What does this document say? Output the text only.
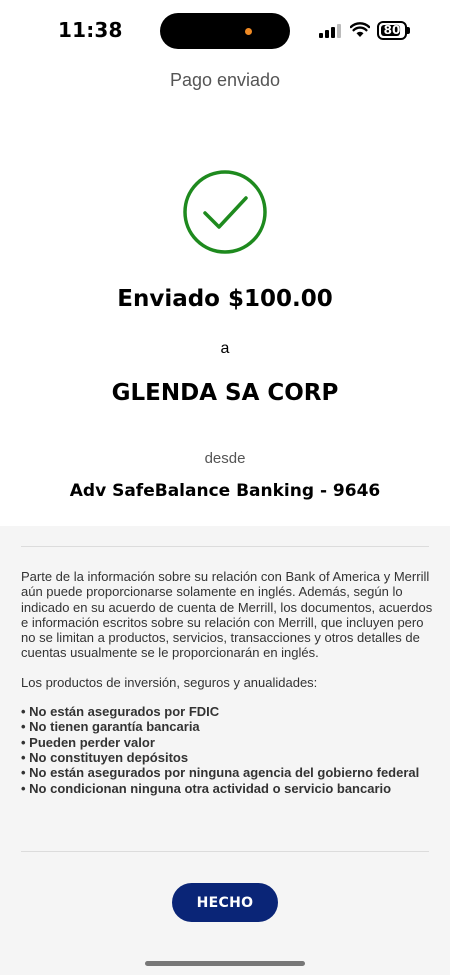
11:38	80
Pago enviado
Enviado $100.00
a
GLENDA SA CORP
desde
Adv SafeBalance Banking - 9646

Parte de la información sobre su relación con Bank of America y Merrill aún puede proporcionarse solamente en inglés. Además, según lo indicado en su acuerdo de cuenta de Merrill, los documentos, acuerdos e información escritos sobre su relación con Merrill, que incluyen pero no se limitan a productos, servicios, transacciones y otros detalles de cuentas usualmente se le proporcionarán en inglés.

Los productos de inversión, seguros y anualidades:

• No están asegurados por FDIC
• No tienen garantía bancaria
• Pueden perder valor
• No constituyen depósitos
• No están asegurados por ninguna agencia del gobierno federal
• No condicionan ninguna otra actividad o servicio bancario
HECHO
